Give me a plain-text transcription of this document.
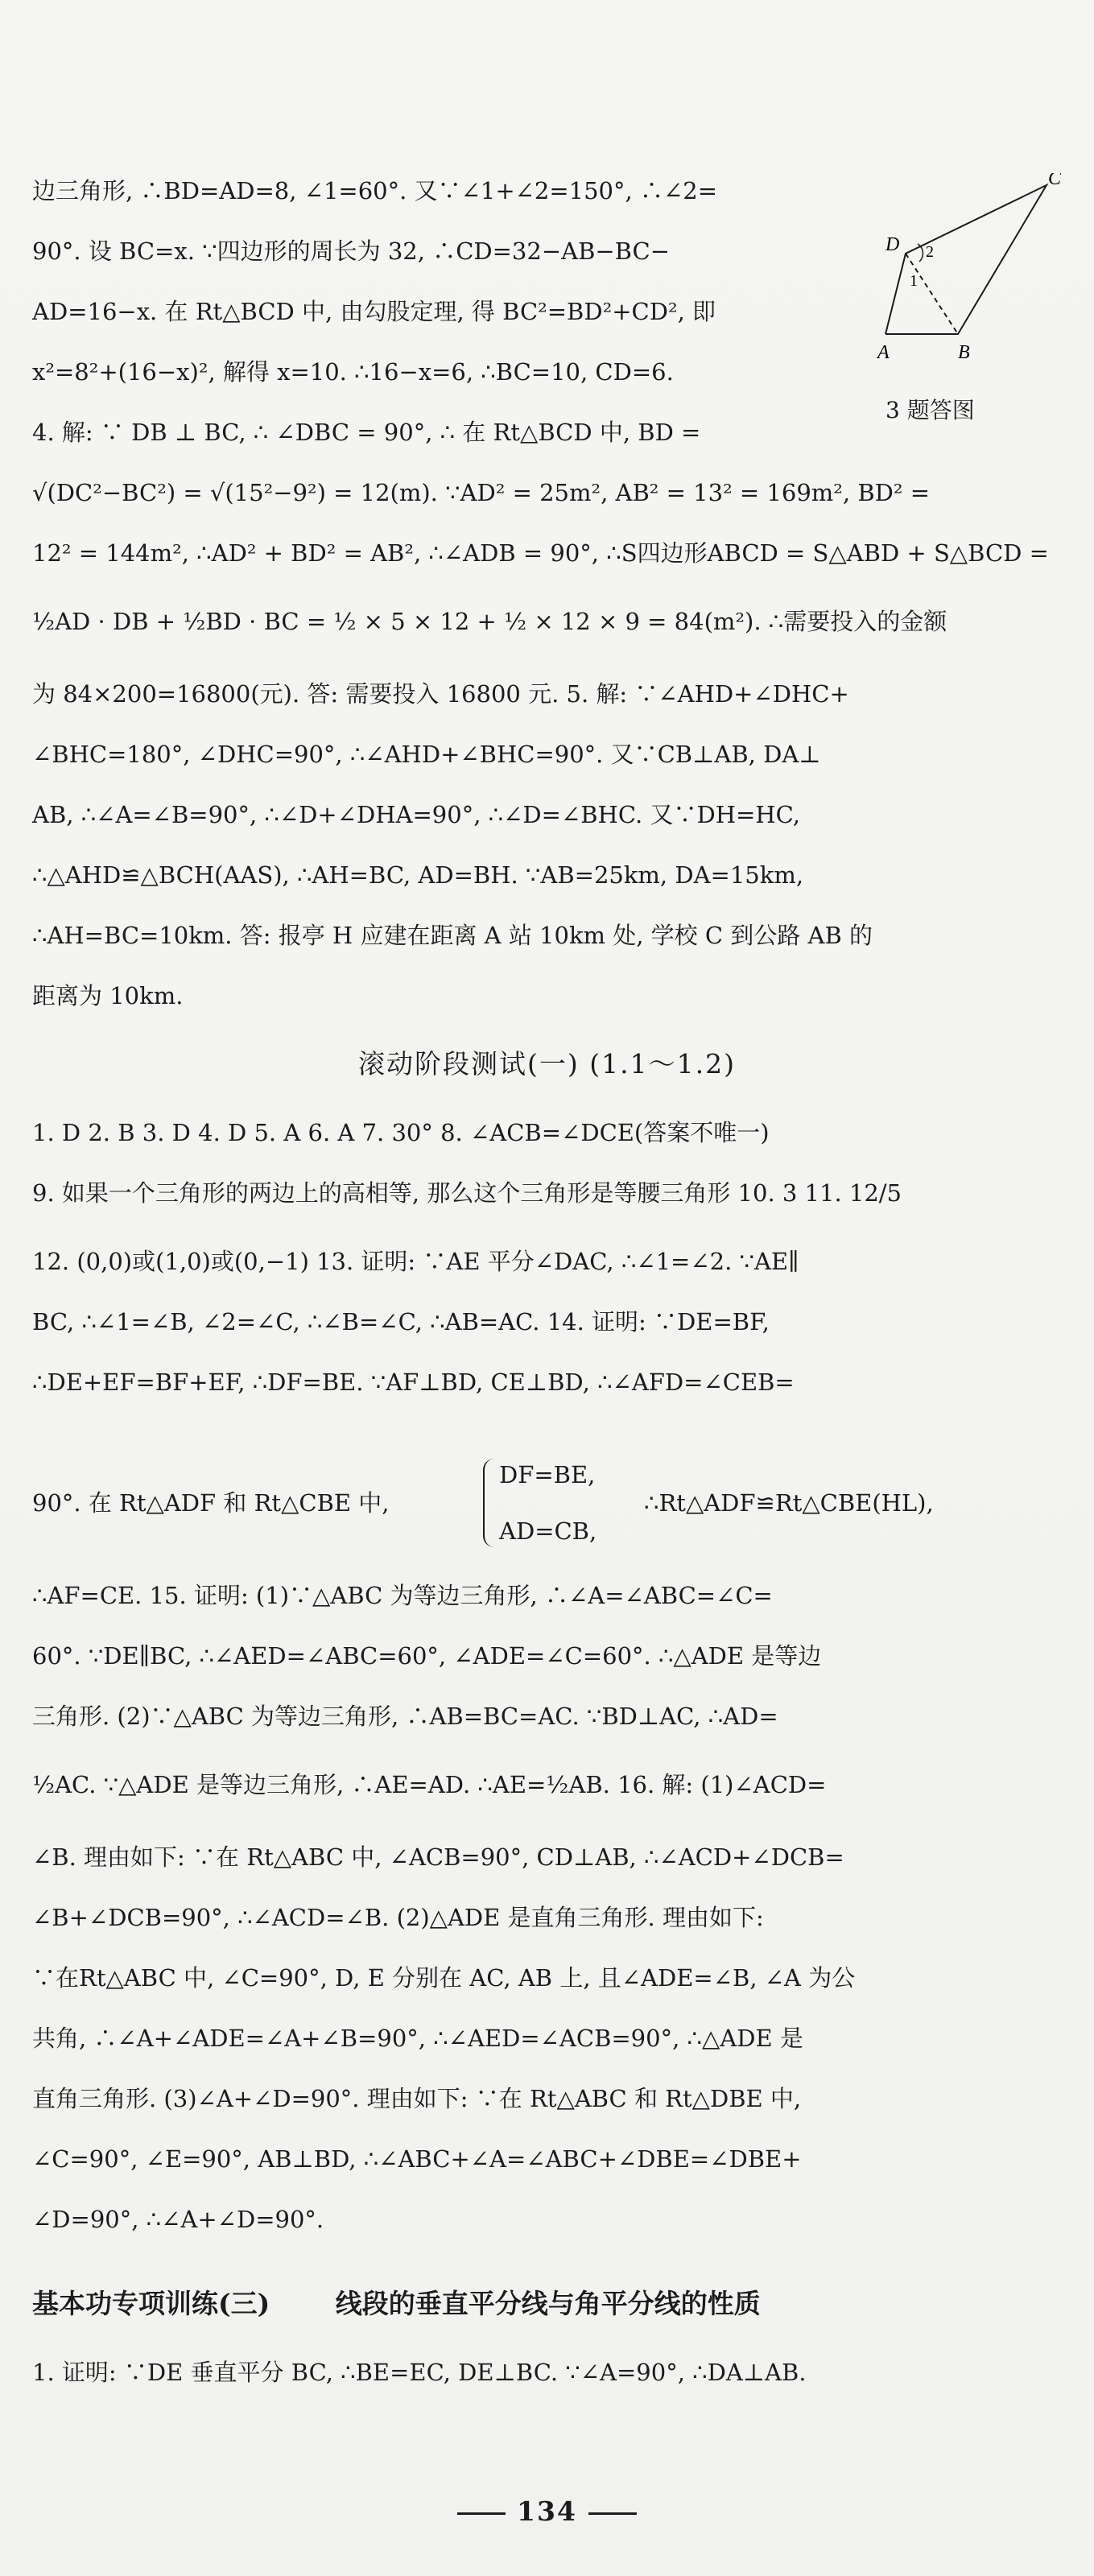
边三角形, ∴BD=AD=8, ∠1=60°. 又∵∠1+∠2=150°, ∴∠2=
90°. 设 BC=x. ∵四边形的周长为 32, ∴CD=32−AB−BC−
AD=16−x. 在 Rt△BCD 中, 由勾股定理, 得 BC²=BD²+CD², 即
x²=8²+(16−x)², 解得 x=10. ∴16−x=6, ∴BC=10, CD=6.
4. 解: ∵ DB ⊥ BC, ∴ ∠DBC = 90°, ∴ 在 Rt△BCD 中, BD =
√(DC²−BC²) = √(15²−9²) = 12(m). ∵AD² = 25m², AB² = 13² = 169m², BD² =
12² = 144m², ∴AD² + BD² = AB², ∴∠ADB = 90°, ∴S四边形ABCD = S△ABD + S△BCD =
½AD · DB + ½BD · BC = ½ × 5 × 12 + ½ × 12 × 9 = 84(m²). ∴需要投入的金额
为 84×200=16800(元). 答: 需要投入 16800 元. 5. 解: ∵∠AHD+∠DHC+
∠BHC=180°, ∠DHC=90°, ∴∠AHD+∠BHC=90°. 又∵CB⊥AB, DA⊥
AB, ∴∠A=∠B=90°, ∴∠D+∠DHA=90°, ∴∠D=∠BHC. 又∵DH=HC,
∴△AHD≌△BCH(AAS), ∴AH=BC, AD=BH. ∵AB=25km, DA=15km,
∴AH=BC=10km. 答: 报亭 H 应建在距离 A 站 10km 处, 学校 C 到公路 AB 的
距离为 10km.
滚动阶段测试(一) (1.1～1.2)
1. D 2. B 3. D 4. D 5. A 6. A 7. 30° 8. ∠ACB=∠DCE(答案不唯一)
9. 如果一个三角形的两边上的高相等, 那么这个三角形是等腰三角形 10. 3 11. 12/5
12. (0,0)或(1,0)或(0,−1) 13. 证明: ∵AE 平分∠DAC, ∴∠1=∠2. ∵AE∥
BC, ∴∠1=∠B, ∠2=∠C, ∴∠B=∠C, ∴AB=AC. 14. 证明: ∵DE=BF,
∴DE+EF=BF+EF, ∴DF=BE. ∵AF⊥BD, CE⊥BD, ∴∠AFD=∠CEB=
90°. 在 Rt△ADF 和 Rt△CBE 中,
DF=BE,
AD=CB,
∴Rt△ADF≌Rt△CBE(HL),
∴AF=CE. 15. 证明: (1)∵△ABC 为等边三角形, ∴∠A=∠ABC=∠C=
60°. ∵DE∥BC, ∴∠AED=∠ABC=60°, ∠ADE=∠C=60°. ∴△ADE 是等边
三角形. (2)∵△ABC 为等边三角形, ∴AB=BC=AC. ∵BD⊥AC, ∴AD=
½AC. ∵△ADE 是等边三角形, ∴AE=AD. ∴AE=½AB. 16. 解: (1)∠ACD=
∠B. 理由如下: ∵在 Rt△ABC 中, ∠ACB=90°, CD⊥AB, ∴∠ACD+∠DCB=
∠B+∠DCB=90°, ∴∠ACD=∠B. (2)△ADE 是直角三角形. 理由如下:
∵在Rt△ABC 中, ∠C=90°, D, E 分别在 AC, AB 上, 且∠ADE=∠B, ∠A 为公
共角, ∴∠A+∠ADE=∠A+∠B=90°, ∴∠AED=∠ACB=90°, ∴△ADE 是
直角三角形. (3)∠A+∠D=90°. 理由如下: ∵在 Rt△ABC 和 Rt△DBE 中,
∠C=90°, ∠E=90°, AB⊥BD, ∴∠ABC+∠A=∠ABC+∠DBE=∠DBE+
∠D=90°, ∴∠A+∠D=90°.
基本功专项训练(三) 线段的垂直平分线与角平分线的性质
1. 证明: ∵DE 垂直平分 BC, ∴BE=EC, DE⊥BC. ∵∠A=90°, ∴DA⊥AB.
A	B
C
D
1
2
3 题答图
134
